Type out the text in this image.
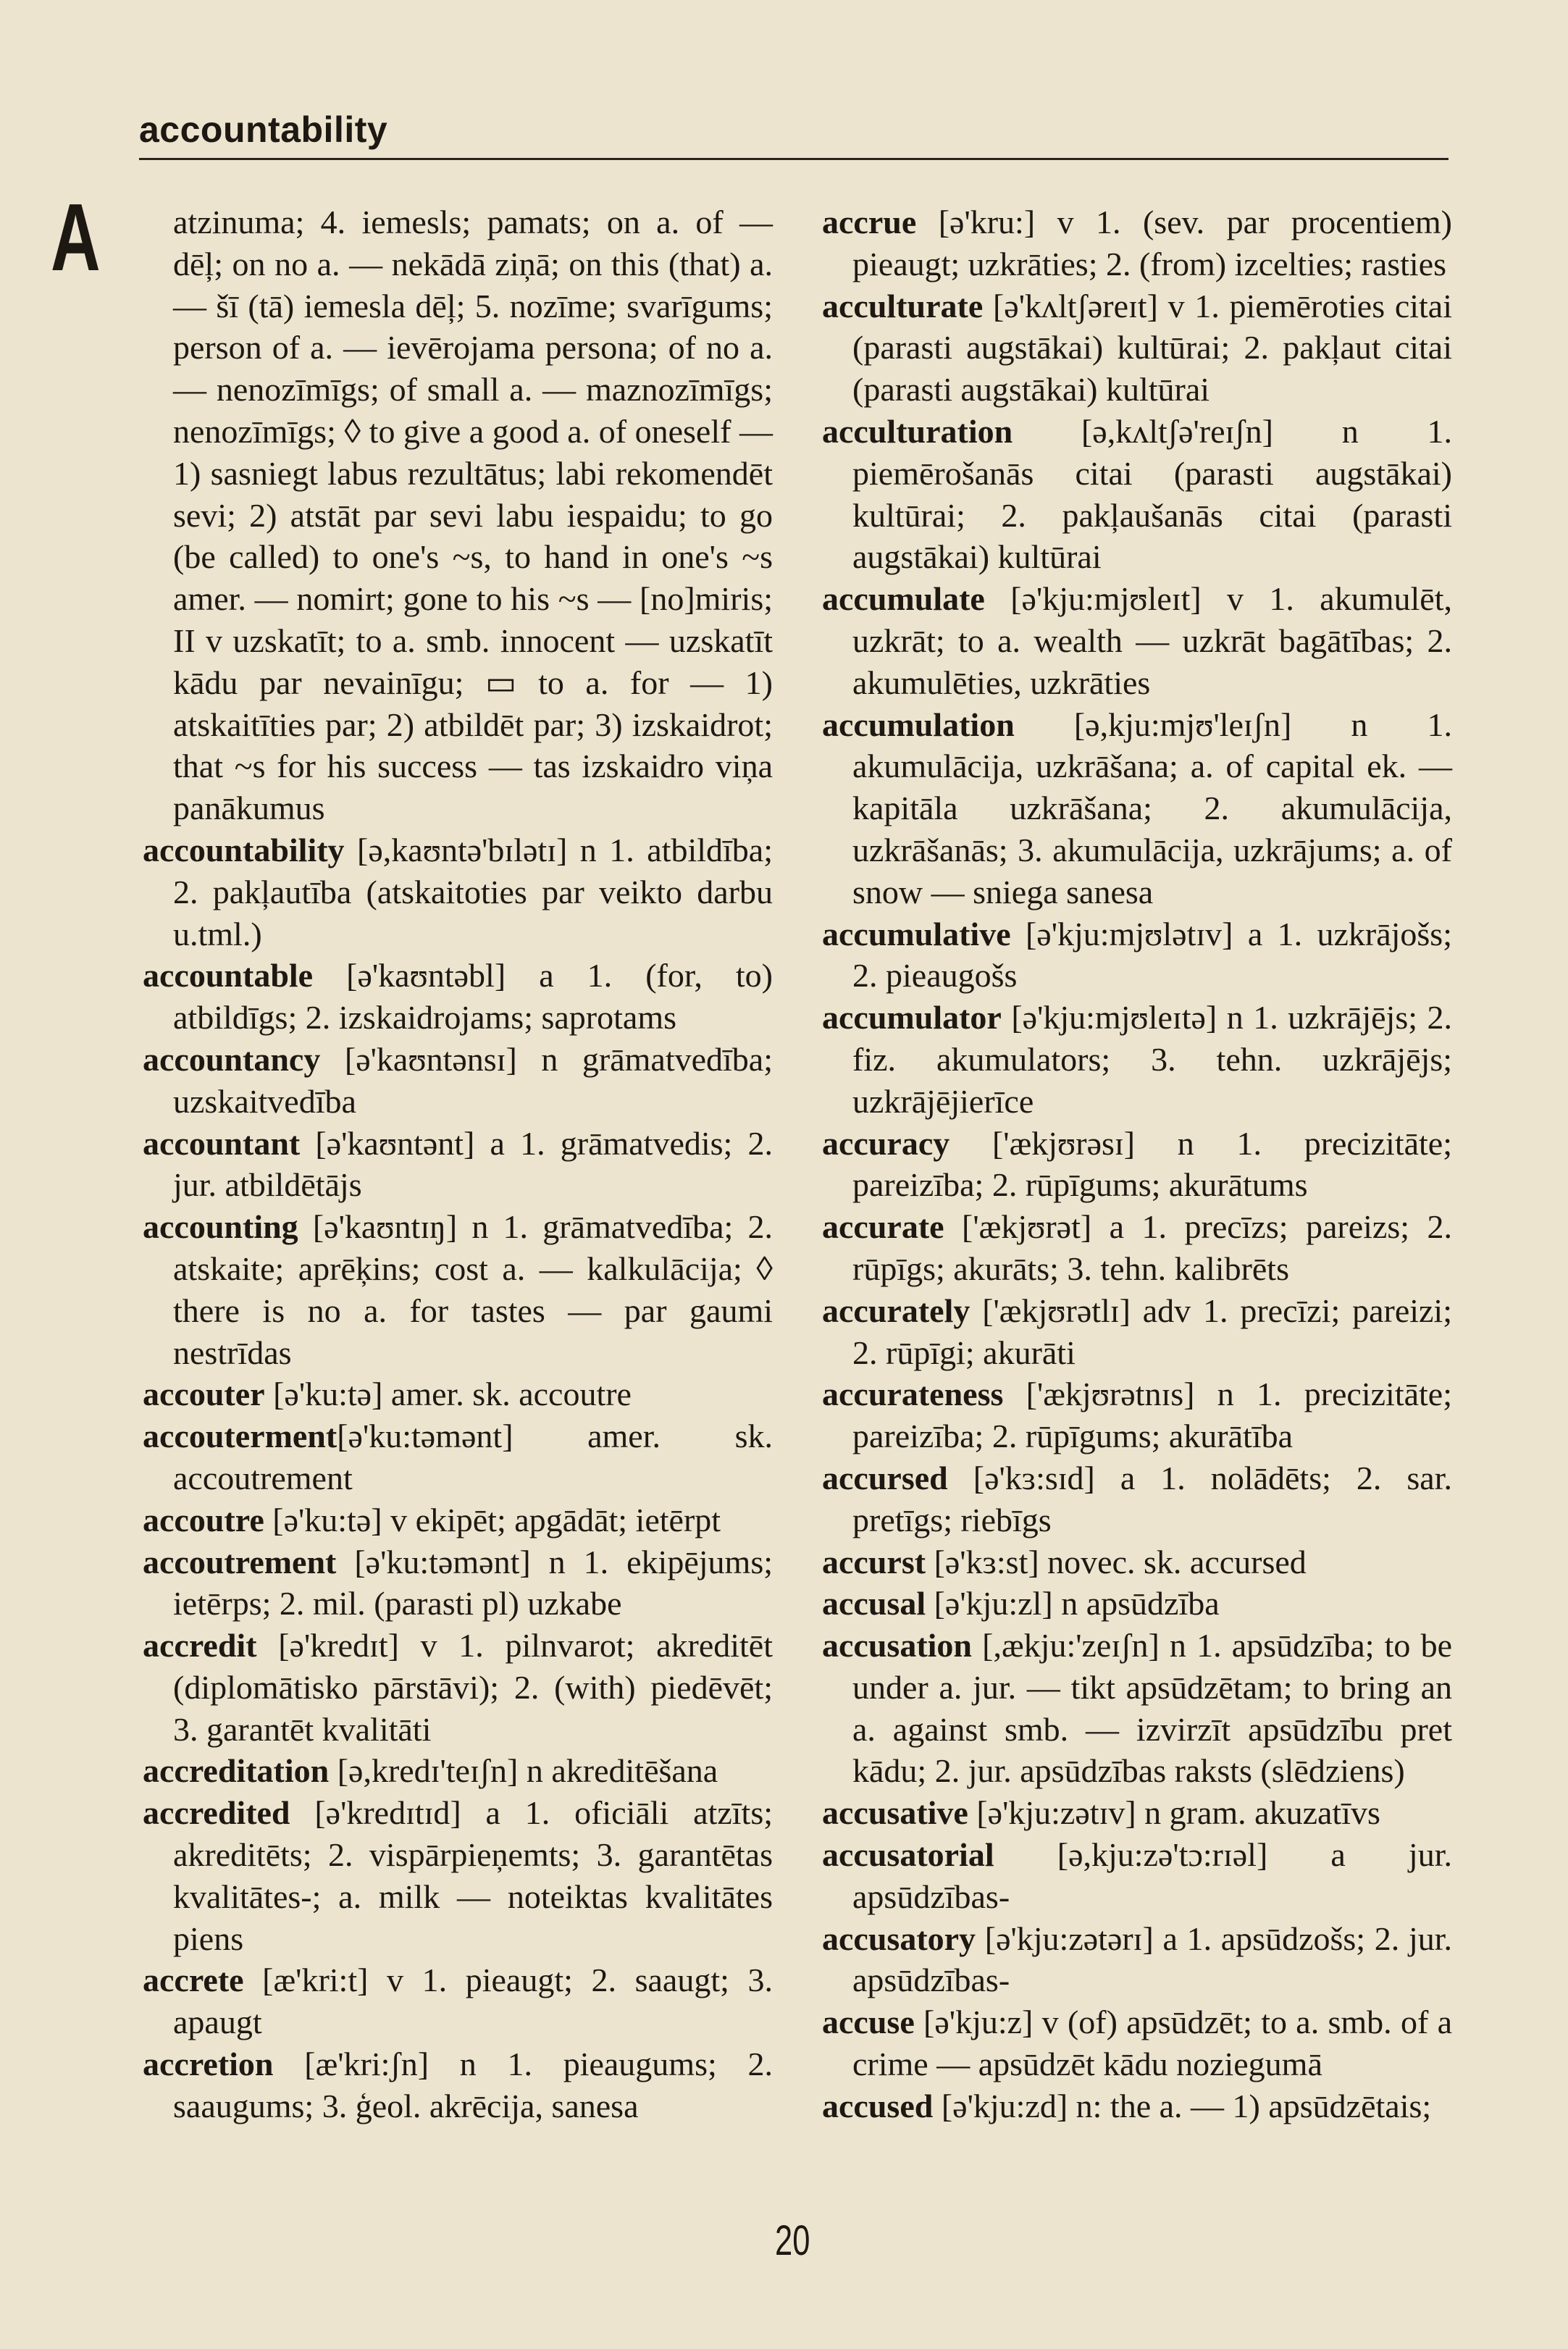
accountability
A	atzinuma; 4. iemesls; pamats; on a. of — dēļ; on no a. — nekādā ziņā; on this (that) a. — šī (tā) iemesla dēļ; 5. nozīme; svarīgums; person of a. — ievērojama persona; of no a. — nenozīmīgs; of small a. — maznozīmīgs; nenozīmīgs; ◊ to give a good a. of oneself — 1) sasniegt labus rezultātus; labi rekomendēt sevi; 2) atstāt par sevi labu iespaidu; to go (be called) to one's ~s, to hand in one's ~s amer. — nomirt; gone to his ~s — [no]miris; II v uzskatīt; to a. smb. innocent — uzskatīt kādu par nevainīgu; ▭ to a. for — 1) atskaitīties par; 2) atbildēt par; 3) izskaidrot; that ~s for his success — tas izskaidro viņa panākumus

accountability [ə,kaʊntə'bɪlətɪ] n 1. atbildība; 2. pakļautība (atskaitoties par veikto darbu u.tml.)

accountable [ə'kaʊntəbl] a 1. (for, to) atbildīgs; 2. izskaidrojams; saprotams

accountancy [ə'kaʊntənsɪ] n grāmatvedība; uzskaitvedība

accountant [ə'kaʊntənt] a 1. grāmatvedis; 2. jur. atbildētājs

accounting [ə'kaʊntɪŋ] n 1. grāmatvedība; 2. atskaite; aprēķins; cost a. — kalkulācija; ◊ there is no a. for tastes — par gaumi nestrīdas

accouter [ə'ku:tə] amer. sk. accoutre

accouterment[ə'ku:təmənt] amer. sk. accoutrement

accoutre [ə'ku:tə] v ekipēt; apgādāt; ietērpt

accoutrement [ə'ku:təmənt] n 1. ekipējums; ietērps; 2. mil. (parasti pl) uzkabe

accredit [ə'kredɪt] v 1. pilnvarot; akreditēt (diplomātisko pārstāvi); 2. (with) piedēvēt; 3. garantēt kvalitāti

accreditation [ə,kredɪ'teɪʃn] n akreditēšana

accredited [ə'kredɪtɪd] a 1. oficiāli atzīts; akreditēts; 2. vispārpieņemts; 3. garantētas kvalitātes-; a. milk — noteiktas kvalitātes piens

accrete [æ'kri:t] v 1. pieaugt; 2. saaugt; 3. apaugt

accretion [æ'kri:ʃn] n 1. pieaugums; 2. saaugums; 3. ģeol. akrēcija, sanesa

accrue [ə'kru:] v 1. (sev. par procentiem) pieaugt; uzkrāties; 2. (from) izcelties; rasties

acculturate [ə'kʌltʃəreɪt] v 1. piemēroties citai (parasti augstākai) kultūrai; 2. pakļaut citai (parasti augstākai) kultūrai

acculturation [ə,kʌltʃə'reɪʃn] n 1. piemērošanās citai (parasti augstākai) kultūrai; 2. pakļaušanās citai (parasti augstākai) kultūrai

accumulate [ə'kju:mjʊleɪt] v 1. akumulēt, uzkrāt; to a. wealth — uzkrāt bagātības; 2. akumulēties, uzkrāties

accumulation [ə,kju:mjʊ'leɪʃn] n 1. akumulācija, uzkrāšana; a. of capital ek. — kapitāla uzkrāšana; 2. akumulācija, uzkrāšanās; 3. akumulācija, uzkrājums; a. of snow — sniega sanesa

accumulative [ə'kju:mjʊlətɪv] a 1. uzkrājošs; 2. pieaugošs

accumulator [ə'kju:mjʊleɪtə] n 1. uzkrājējs; 2. fiz. akumulators; 3. tehn. uzkrājējs; uzkrājējierīce

accuracy ['ækjʊrəsɪ] n 1. precizitāte; pareizība; 2. rūpīgums; akurātums

accurate ['ækjʊrət] a 1. precīzs; pareizs; 2. rūpīgs; akurāts; 3. tehn. kalibrēts

accurately ['ækjʊrətlɪ] adv 1. precīzi; pareizi; 2. rūpīgi; akurāti

accurateness ['ækjʊrətnɪs] n 1. precizitāte; pareizība; 2. rūpīgums; akurātība

accursed [ə'kɜ:sɪd] a 1. nolādēts; 2. sar. pretīgs; riebīgs

accurst [ə'kɜ:st] novec. sk. accursed

accusal [ə'kju:zl] n apsūdzība

accusation [,ækju:'zeɪʃn] n 1. apsūdzība; to be under a. jur. — tikt apsūdzētam; to bring an a. against smb. — izvirzīt apsūdzību pret kādu; 2. jur. apsūdzības raksts (slēdziens)

accusative [ə'kju:zətɪv] n gram. akuzatīvs

accusatorial [ə,kju:zə'tɔ:rɪəl] a jur. apsūdzības-

accusatory [ə'kju:zətərɪ] a 1. apsūdzošs; 2. jur. apsūdzības-

accuse [ə'kju:z] v (of) apsūdzēt; to a. smb. of a crime — apsūdzēt kādu noziegumā

accused [ə'kju:zd] n: the a. — 1) apsūdzētais;

20
